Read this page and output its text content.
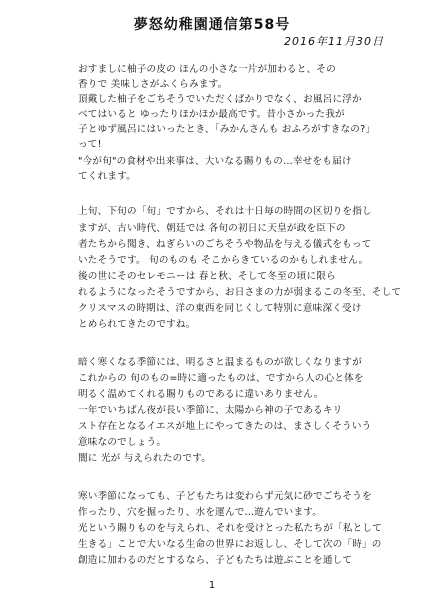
夢怒幼稚園通信第58号
2016年11月30日
おすましに柚子の皮の ほんの小さな一片が加わると、その
香りで 美味しさがふくらみます。
頂戴した柚子をごちそうでいただくばかりでなく、お風呂に浮か
べてはいると ゆったりほかほか最高です。昔小さかった我が
子とゆず風呂にはいったとき、「みかんさんも おふろがすきなの?」
って!
"今が旬"の食材や出来事は、大いなる賜りもの…幸せをも届け
てくれます。
上旬、下旬の「旬」ですから、それは十日毎の時間の区切りを指し
ますが、古い時代、朝廷では 各旬の初日に天皇が政を臣下の
者たちから聞き、ねぎらいのごちそうや物品を与える儀式をもって
いたそうです。 旬のものも そこからきているのかもしれません。
後の世にそのセレモニーは 春と秋、そして冬至の頃に限ら
れるようになったそうですから、お日さまの力が弱まるこの冬至、そして
クリスマスの時期は、洋の東西を同じくして特別に意味深く受け
とめられてきたのですね。
暗く寒くなる季節には、明るさと温まるものが欲しくなりますが
これからの 旬のもの=時に適ったものは、ですから人の心と体を
明るく温めてくれる賜りものであるに違いありません。
一年でいちばん夜が長い季節に、太陽から神の子であるキリ
スト存在となるイエスが地上にやってきたのは、まさしくそういう
意味なのでしょう。
闇に 光が 与えられたのです。
寒い季節になっても、子どもたちは変わらず元気に砂でごちそうを
作ったり、穴を掘ったり、水を運んで…遊んでいます。
光という賜りものを与えられ、それを受けとった私たちが「私として
生きる」ことで大いなる生命の世界にお返しし、そして次の「時」の
創造に加わるのだとするなら、子どもたちは遊ぶことを通して
1
